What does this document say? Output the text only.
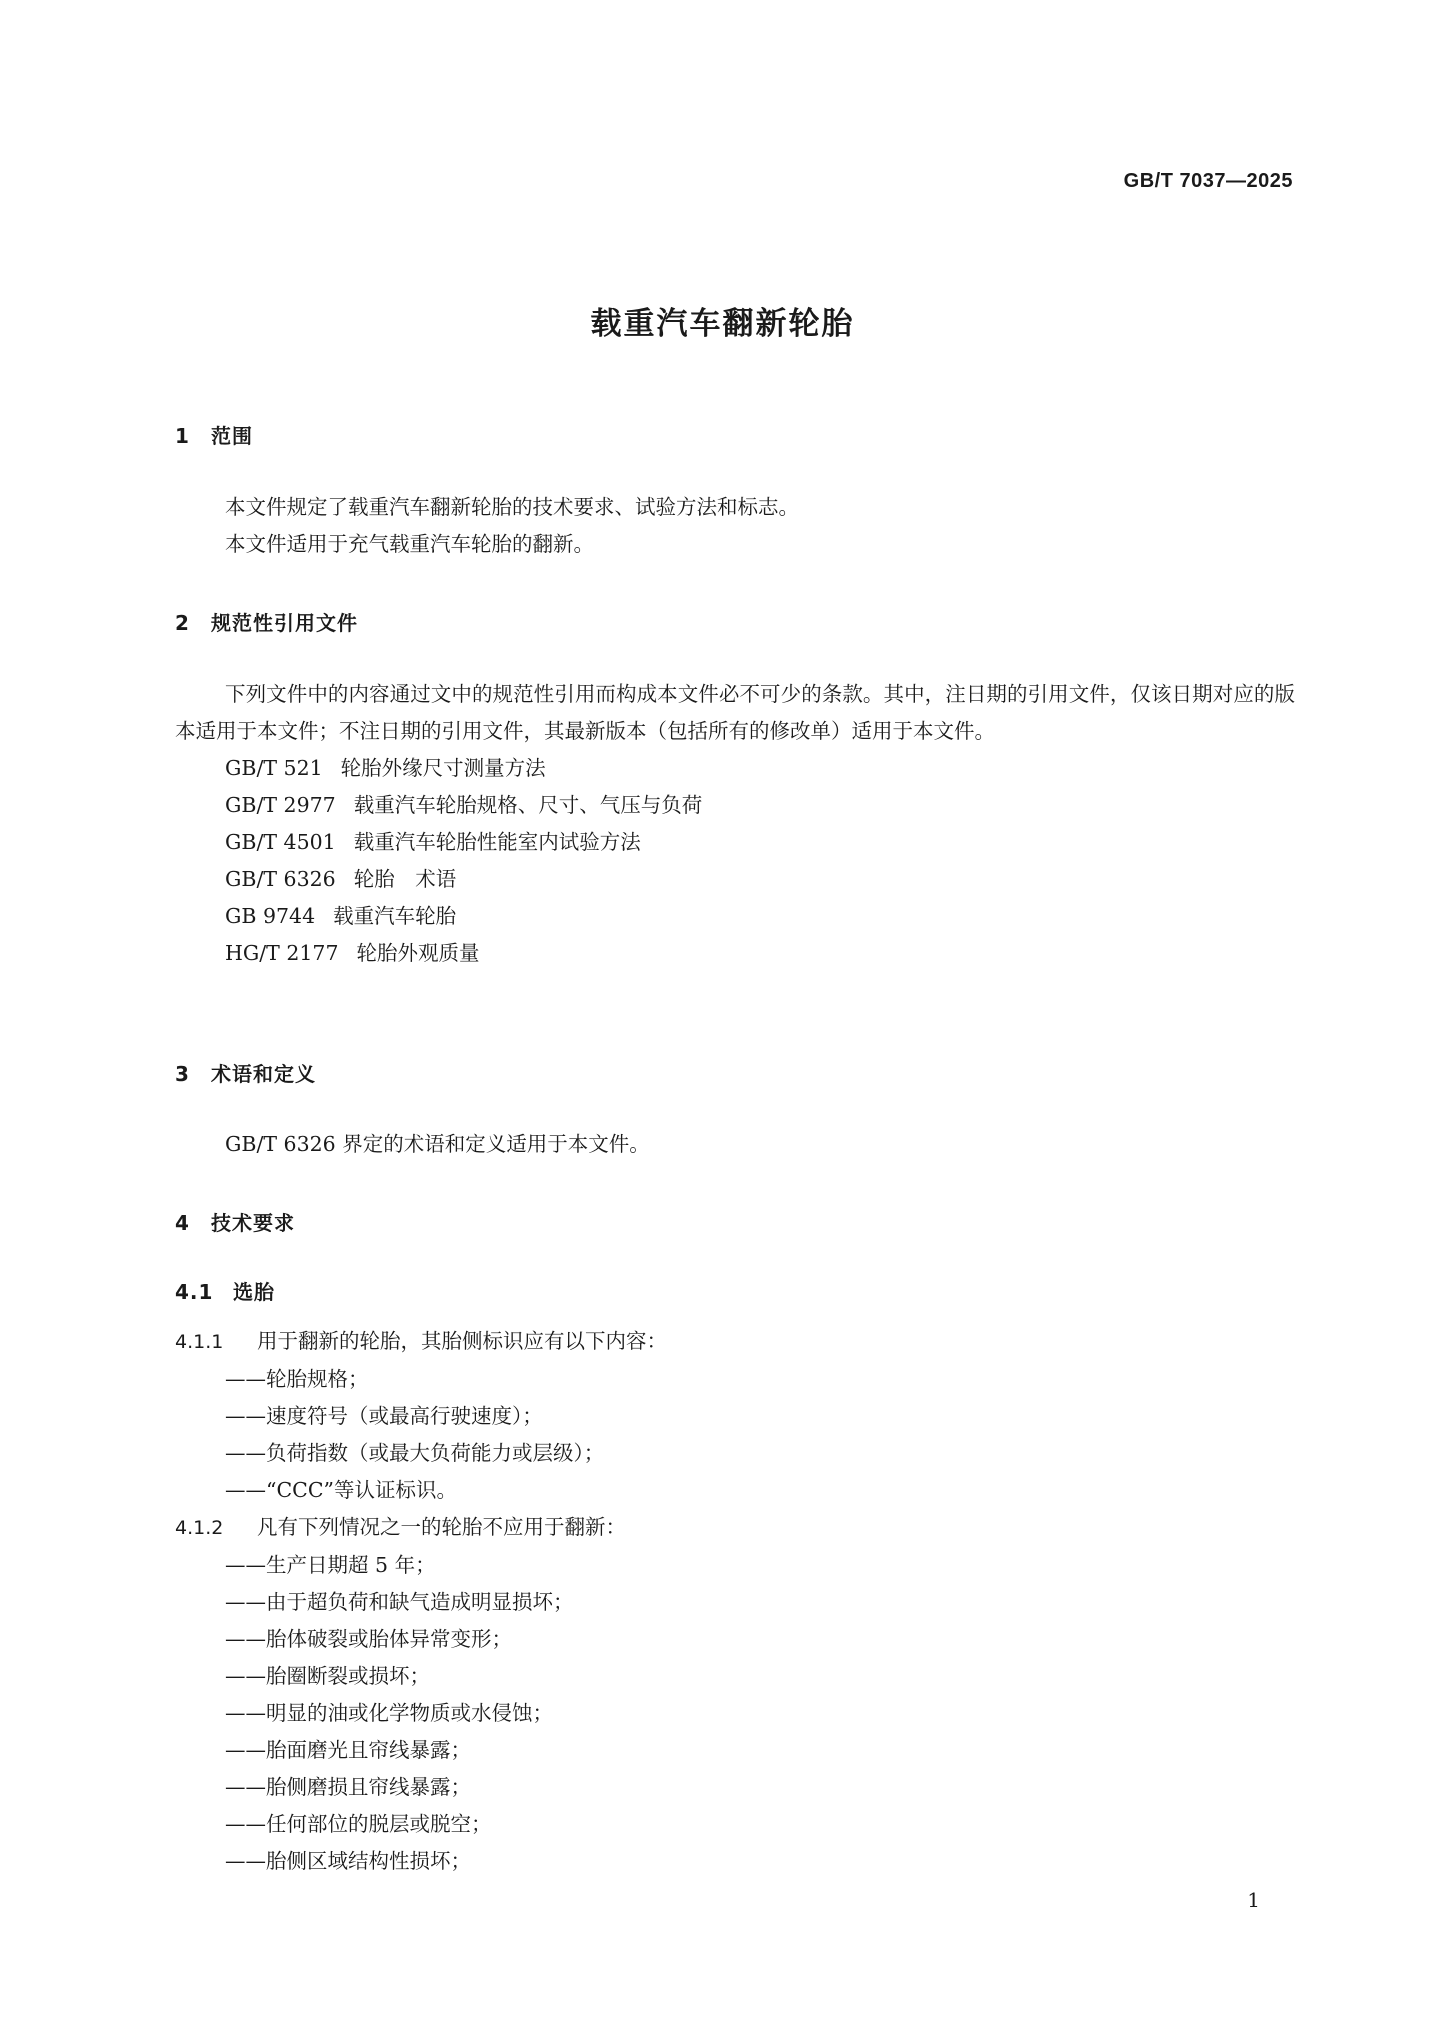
GB/T 7037—2025
载重汽车翻新轮胎
1 范围
本文件规定了载重汽车翻新轮胎的技术要求、试验方法和标志。
本文件适用于充气载重汽车轮胎的翻新。
2 规范性引用文件
下列文件中的内容通过文中的规范性引用而构成本文件必不可少的条款。其中，注日期的引用文件，仅该日期对应的版本适用于本文件；不注日期的引用文件，其最新版本（包括所有的修改单）适用于本文件。
GB/T 521 轮胎外缘尺寸测量方法
GB/T 2977 载重汽车轮胎规格、尺寸、气压与负荷
GB/T 4501 载重汽车轮胎性能室内试验方法
GB/T 6326 轮胎　术语
GB 9744 载重汽车轮胎
HG/T 2177 轮胎外观质量
3 术语和定义
GB/T 6326 界定的术语和定义适用于本文件。
4 技术要求
4.1 选胎
4.1.1 用于翻新的轮胎，其胎侧标识应有以下内容：
——轮胎规格；
——速度符号（或最高行驶速度）；
——负荷指数（或最大负荷能力或层级）；
——“CCC”等认证标识。
4.1.2 凡有下列情况之一的轮胎不应用于翻新：
——生产日期超 5 年；
——由于超负荷和缺气造成明显损坏；
——胎体破裂或胎体异常变形；
——胎圈断裂或损坏；
——明显的油或化学物质或水侵蚀；
——胎面磨光且帘线暴露；
——胎侧磨损且帘线暴露；
——任何部位的脱层或脱空；
——胎侧区域结构性损坏；
1
